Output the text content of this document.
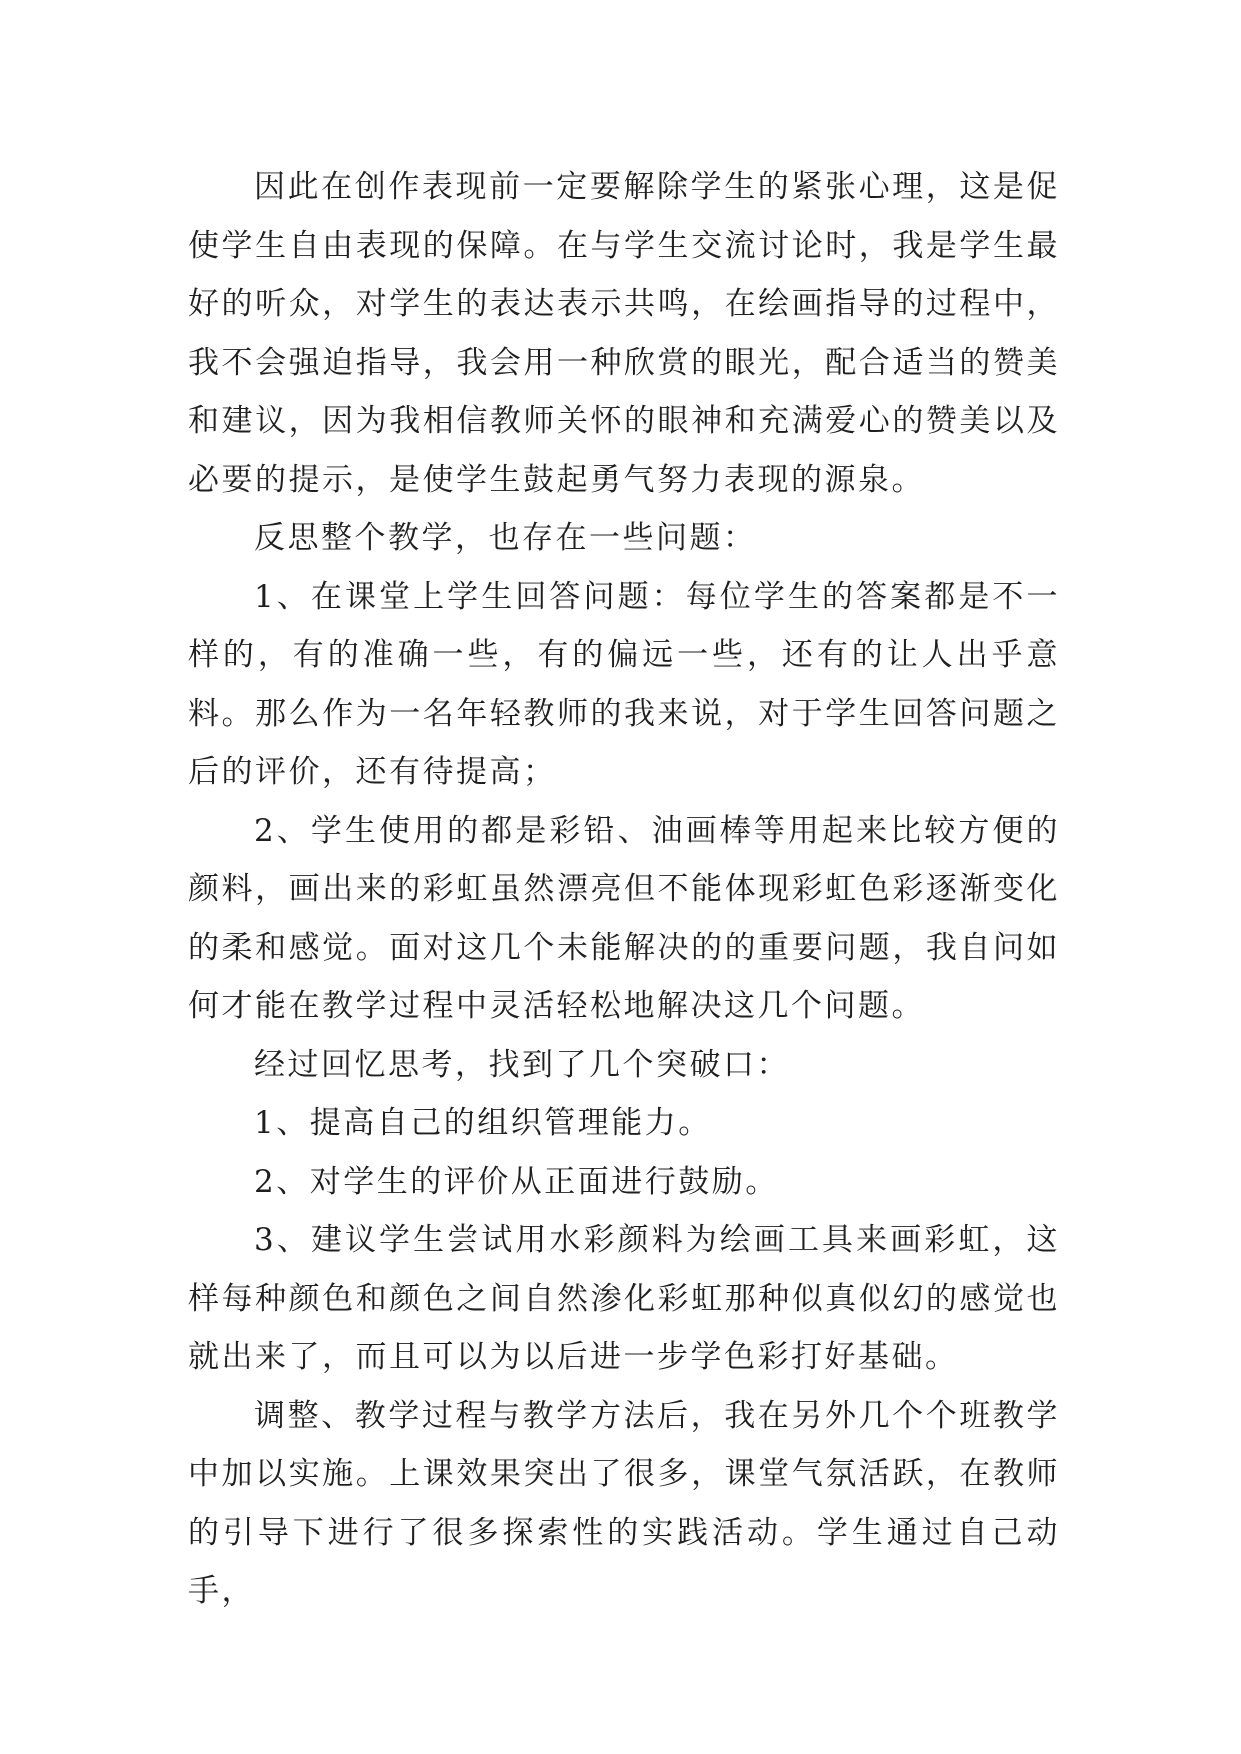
因此在创作表现前一定要解除学生的紧张心理，这是促使学生自由表现的保障。在与学生交流讨论时，我是学生最好的听众，对学生的表达表示共鸣，在绘画指导的过程中，我不会强迫指导，我会用一种欣赏的眼光，配合适当的赞美和建议，因为我相信教师关怀的眼神和充满爱心的赞美以及必要的提示，是使学生鼓起勇气努力表现的源泉。

反思整个教学，也存在一些问题：

1、在课堂上学生回答问题：每位学生的答案都是不一样的，有的准确一些，有的偏远一些，还有的让人出乎意料。那么作为一名年轻教师的我来说，对于学生回答问题之后的评价，还有待提高；

2、学生使用的都是彩铅、油画棒等用起来比较方便的颜料，画出来的彩虹虽然漂亮但不能体现彩虹色彩逐渐变化的柔和感觉。面对这几个未能解决的的重要问题，我自问如何才能在教学过程中灵活轻松地解决这几个问题。

经过回忆思考，找到了几个突破口：

1、提高自己的组织管理能力。

2、对学生的评价从正面进行鼓励。

3、建议学生尝试用水彩颜料为绘画工具来画彩虹，这样每种颜色和颜色之间自然渗化彩虹那种似真似幻的感觉也就出来了，而且可以为以后进一步学色彩打好基础。

调整、教学过程与教学方法后，我在另外几个个班教学中加以实施。上课效果突出了很多，课堂气氛活跃，在教师的引导下进行了很多探索性的实践活动。学生通过自己动手，
